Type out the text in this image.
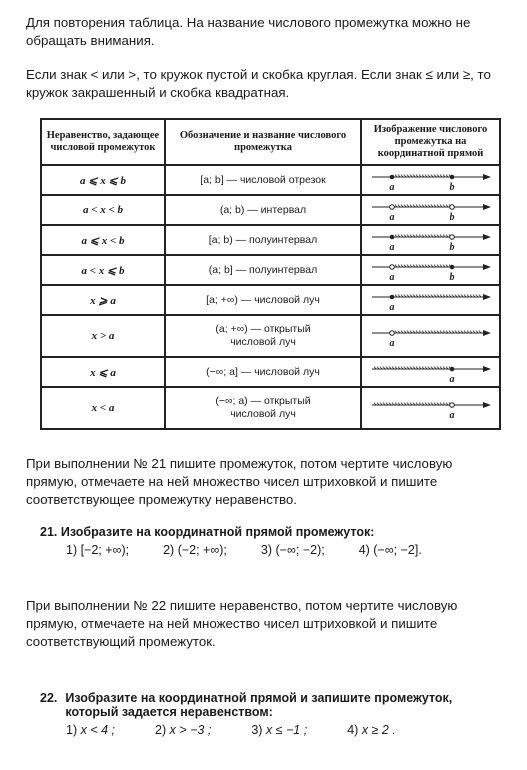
Для повторения таблица. На название числового промежутка можно не обращать внимания.
Если знак < или >, то кружок пустой и скобка круглая. Если знак ≤ или ≥, то кружок закрашенный и скобка квадратная.
Неравенство, задающее числовой промежуток	Обозначение и название числового промежутка	Изображение числового промежутка на координатной прямой
a ⩽ x ⩽ b	[a; b] — числовой отрезок	a b

a < x < b	(a; b) — интервал	a b

a ⩽ x < b	[a; b) — полуинтервал	a b

a < x ⩽ b	(a; b] — полуинтервал	a b

x ⩾ a	[a; +∞) — числовой луч	a

x > a	(a; +∞) — открытый числовой луч	a

x ⩽ a	(−∞; a] — числовой луч	a

x < a	(−∞; a) — открытый числовой луч	a
При выполнении № 21 пишите промежуток, потом чертите числовую прямую, отмечаете на ней множество чисел штриховкой и пишите соответствующее промежутку неравенство.
21. Изобразите на координатной прямой промежуток:
1) [−2; +∞);	2) (−2; +∞);	3) (−∞; −2);	4) (−∞; −2].
При выполнении № 22 пишите неравенство, потом чертите числовую прямую, отмечаете на ней множество чисел штриховкой и пишите соответствующий промежуток.
22. Изобразите на координатной прямой и запишите промежуток, который задается неравенством:
1) x < 4 ;	2) x > −3 ;	3) x ≤ −1 ;	4) x ≥ 2 .
